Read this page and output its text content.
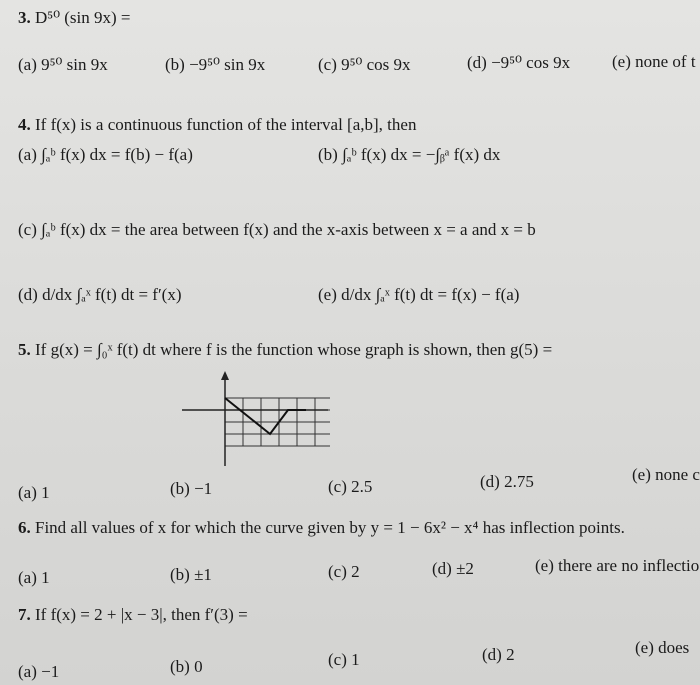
3. D⁵⁰ (sin 9x) =
(a) 9⁵⁰ sin 9x	(b) −9⁵⁰ sin 9x	(c) 9⁵⁰ cos 9x	(d) −9⁵⁰ cos 9x (e) none of t
4. If f(x) is a continuous function of the interval [a,b], then
(a) ∫ₐᵇ f(x) dx = f(b) − f(a)	(b) ∫ₐᵇ f(x) dx = −∫ᵦᵃ f(x) dx
(c) ∫ₐᵇ f(x) dx = the area between f(x) and the x-axis between x = a and x = b
(d) d/dx ∫ₐˣ f(t) dt = f′(x)	(e) d/dx ∫ₐˣ f(t) dt = f(x) − f(a)
5. If g(x) = ∫₀ˣ f(t) dt where f is the function whose graph is shown, then g(5) =
(a) 1	(b) −1	(c) 2.5	(d) 2.75	(e) none c
6. Find all values of x for which the curve given by y = 1 − 6x² − x⁴ has inflection points.
(a) 1	(b) ±1	(c) 2	(d) ±2	(e) there are no inflectio
7. If f(x) = 2 + |x − 3|, then f′(3) =
(a) −1	(b) 0	(c) 1	(d) 2	(e) does
